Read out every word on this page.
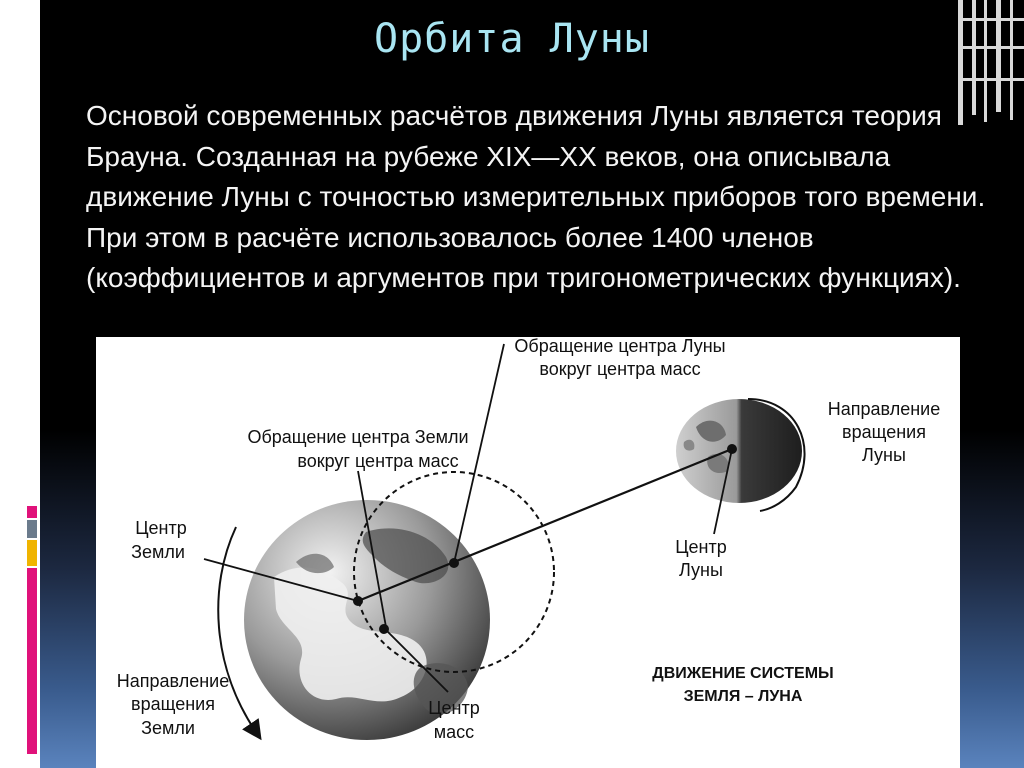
Орбита Луны
Основой современных расчётов движения Луны является теория Брауна. Созданная на рубеже XIX—XX веков, она описывала движение Луны с точностью измерительных приборов того времени. При этом в расчёте использовалось более 1400 членов (коэффициентов и аргументов при тригонометрических функциях).
Обращение центра Луны
вокруг центра масс
Направление
вращения
Луны
Обращение центра Земли
вокруг центра масс
Центр
Земли	Центр
Луны
Направление
вращения
Земли
Центр
масс
ДВИЖЕНИЕ СИСТЕМЫ
ЗЕМЛЯ – ЛУНА
